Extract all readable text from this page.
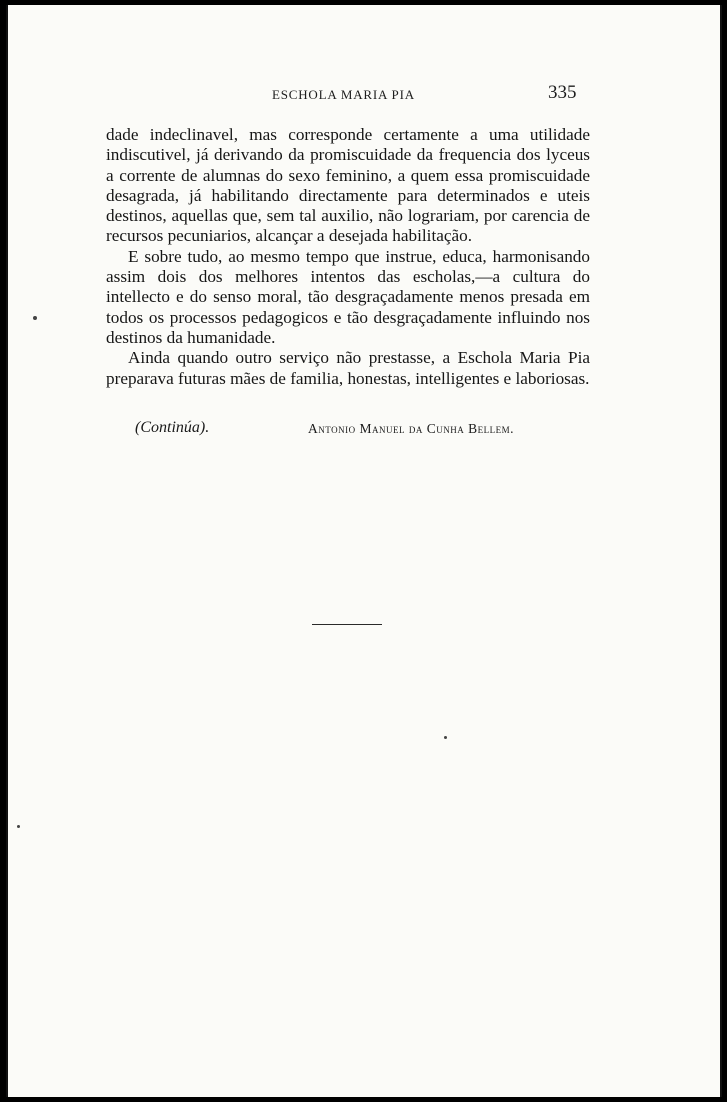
ESCHOLA MARIA PIA	335

dade indeclinavel, mas corresponde certamente a uma utilidade indiscutivel, já derivando da promiscuidade da frequencia dos lyceus a corrente de alumnas do sexo feminino, a quem essa promiscuidade desagrada, já habilitando directamente para determinados e uteis destinos, aquellas que, sem tal auxilio, não lograriam, por carencia de recursos pecuniarios, alcançar a desejada habilitação.

E sobre tudo, ao mesmo tempo que instrue, educa, harmonisando assim dois dos melhores intentos das escholas,—a cultura do intellecto e do senso moral, tão desgraçadamente menos presada em todos os processos pedagogicos e tão desgraçadamente influindo nos destinos da humanidade.

Ainda quando outro serviço não prestasse, a Eschola Maria Pia preparava futuras mães de familia, honestas, intelligentes e laboriosas.

(Continúa).	Antonio Manuel da Cunha Bellem.
